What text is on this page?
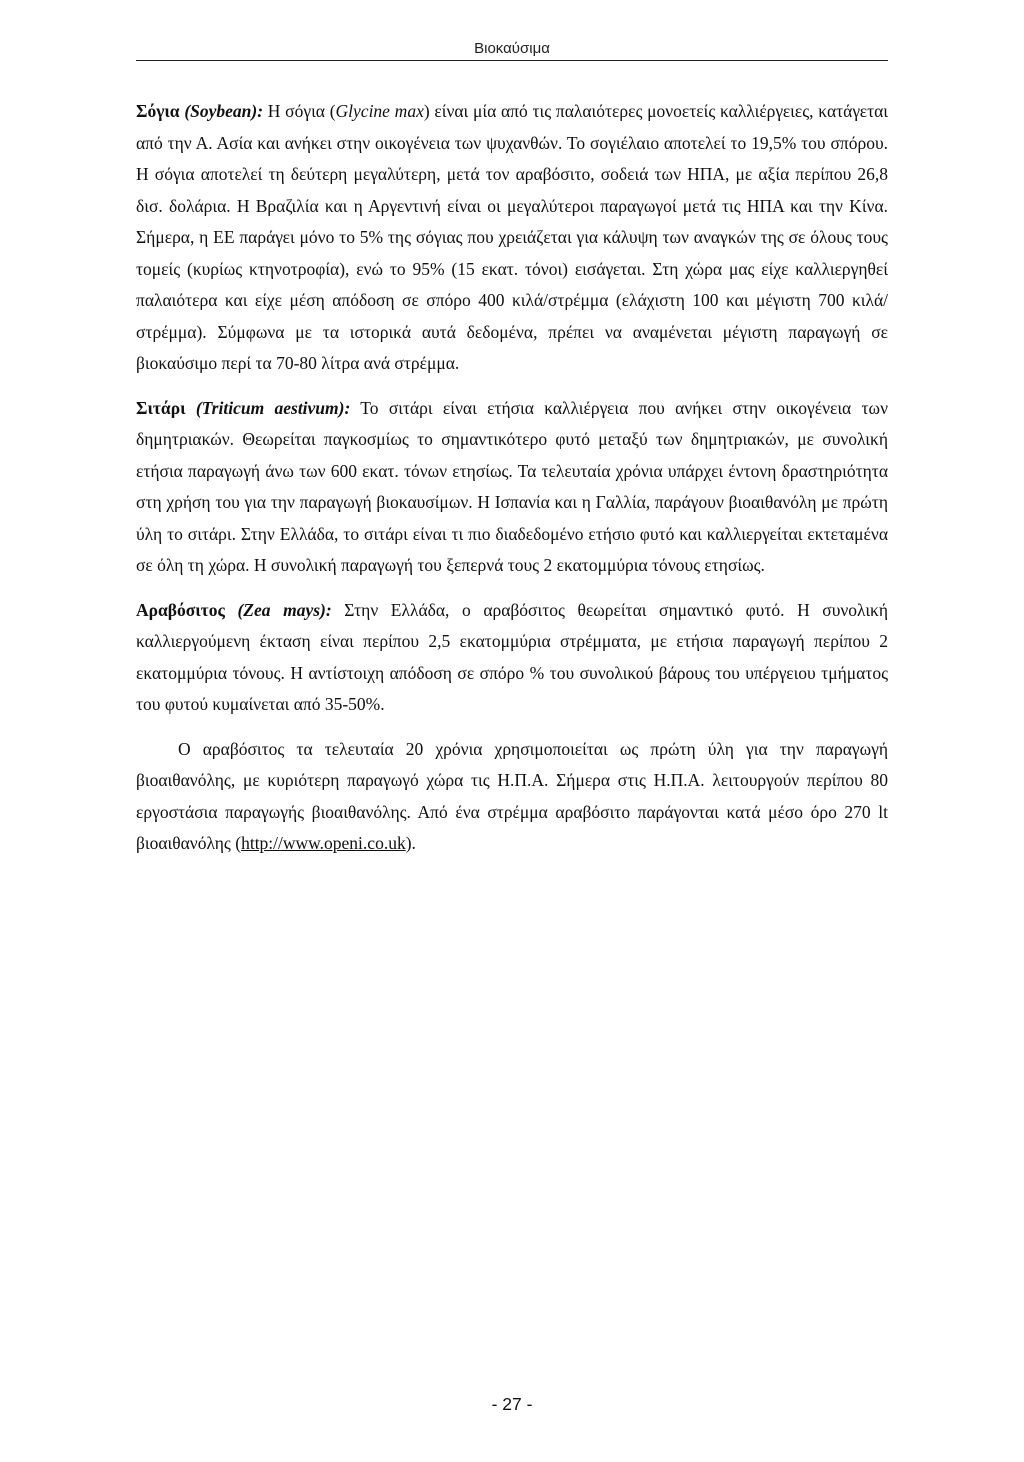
Βιοκαύσιμα

Σόγια (Soybean): Η σόγια (Glycine max) είναι μία από τις παλαιότερες μονοετείς καλλιέργειες, κατάγεται από την Α. Ασία και ανήκει στην οικογένεια των ψυχανθών. Το σογιέλαιο αποτελεί το 19,5% του σπόρου. Η σόγια αποτελεί τη δεύτερη μεγαλύτερη, μετά τον αραβόσιτο, σοδειά των ΗΠΑ, με αξία περίπου 26,8 δισ. δολάρια. Η Βραζιλία και η Αργεντινή είναι οι μεγαλύτεροι παραγωγοί μετά τις ΗΠΑ και την Κίνα. Σήμερα, η ΕΕ παράγει μόνο το 5% της σόγιας που χρειάζεται για κάλυψη των αναγκών της σε όλους τους τομείς (κυρίως κτηνοτροφία), ενώ το 95% (15 εκατ. τόνοι) εισάγεται. Στη χώρα μας είχε καλλιεργηθεί παλαιότερα και είχε μέση απόδοση σε σπόρο 400 κιλά/στρέμμα (ελάχιστη 100 και μέγιστη 700 κιλά/στρέμμα). Σύμφωνα με τα ιστορικά αυτά δεδομένα, πρέπει να αναμένεται μέγιστη παραγωγή σε βιοκαύσιμο περί τα 70-80 λίτρα ανά στρέμμα.

Σιτάρι (Triticum aestivum): Το σιτάρι είναι ετήσια καλλιέργεια που ανήκει στην οικογένεια των δημητριακών. Θεωρείται παγκοσμίως το σημαντικότερο φυτό μεταξύ των δημητριακών, με συνολική ετήσια παραγωγή άνω των 600 εκατ. τόνων ετησίως. Τα τελευταία χρόνια υπάρχει έντονη δραστηριότητα στη χρήση του για την παραγωγή βιοκαυσίμων. Η Ισπανία και η Γαλλία, παράγουν βιοαιθανόλη με πρώτη ύλη το σιτάρι. Στην Ελλάδα, το σιτάρι είναι τι πιο διαδεδομένο ετήσιο φυτό και καλλιεργείται εκτεταμένα σε όλη τη χώρα. Η συνολική παραγωγή του ξεπερνά τους 2 εκατομμύρια τόνους ετησίως.

Αραβόσιτος (Zea mays): Στην Ελλάδα, ο αραβόσιτος θεωρείται σημαντικό φυτό. Η συνολική καλλιεργούμενη έκταση είναι περίπου 2,5 εκατομμύρια στρέμματα, με ετήσια παραγωγή περίπου 2 εκατομμύρια τόνους. Η αντίστοιχη απόδοση σε σπόρο % του συνολικού βάρους του υπέργειου τμήματος του φυτού κυμαίνεται από 35-50%.

Ο αραβόσιτος τα τελευταία 20 χρόνια χρησιμοποιείται ως πρώτη ύλη για την παραγωγή βιοαιθανόλης, με κυριότερη παραγωγό χώρα τις Η.Π.Α. Σήμερα στις Η.Π.Α. λειτουργούν περίπου 80 εργοστάσια παραγωγής βιοαιθανόλης. Από ένα στρέμμα αραβόσιτο παράγονται κατά μέσο όρο 270 lt βιοαιθανόλης (http://www.openi.co.uk).

- 27 -
